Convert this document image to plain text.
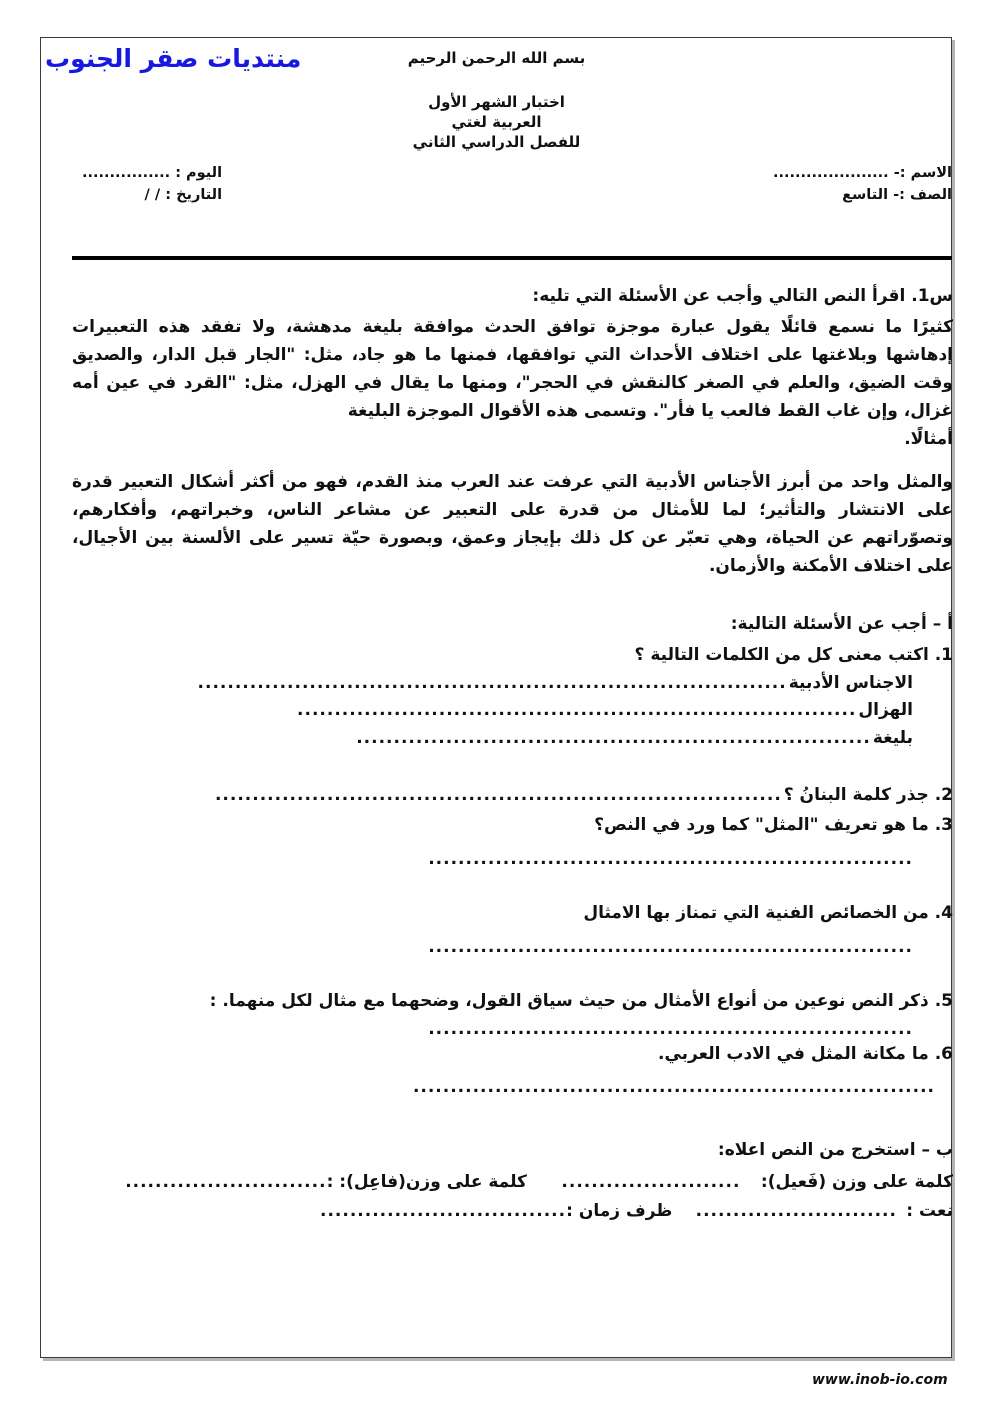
منتديات صقر الجنوب	بسم الله الرحمن الرحيم
اختبار الشهر الأول
العربية لغتي
للفصل الدراسي الثاني
الاسم :- .....................
الصف :- التاسع
اليوم : ................
التاريخ : / /
س1. اقرأ النص التالي وأجب عن الأسئلة التي تليه:
كثيرًا ما نسمع قائلًا يقول عبارة موجزة توافق الحدث موافقة بليغة مدهشة، ولا تفقد هذه التعبيرات إدهاشها وبلاغتها على اختلاف الأحداث التي توافقها، فمنها ما هو جاد، مثل: "الجار قبل الدار، والصديق وقت الضيق، والعلم في الصغر كالنقش في الحجر"، ومنها ما يقال في الهزل، مثل: "القرد في عين أمه غزال، وإن غاب القط فالعب يا فأر". وتسمى هذه الأقوال الموجزة البليغة
أمثالًا.
والمثل واحد من أبرز الأجناس الأدبية التي عرفت عند العرب منذ القدم، فهو من أكثر أشكال التعبير قدرة على الانتشار والتأثير؛ لما للأمثال من قدرة على التعبير عن مشاعر الناس، وخبراتهم، وأفكارهم، وتصوّراتهم عن الحياة، وهي تعبّر عن كل ذلك بإيجاز وعمق، وبصورة حيّة تسير على الألسنة بين الأجيال، على اختلاف الأمكنة والأزمان.
أ – أجب عن الأسئلة التالية:
1. اكتب معنى كل من الكلمات التالية ؟
الاجناس الأدبية
...............................................................................
الهزال
...........................................................................
بليغة
.....................................................................
2. جذر كلمة البنانُ ؟
............................................................................
3. ما هو تعريف "المثل" كما ورد في النص؟
.................................................................
4. من الخصائص الفنية التي تمناز بها الامثال
.................................................................
5. ذكر النص نوعين من أنواع الأمثال من حيث سياق القول، وضحهما مع مثال لكل منهما. :
.................................................................
6. ما مكانة المثل في الادب العربي.
......................................................................
ب – استخرج من النص اعلاه:
كلمة على وزن (فَعيل):
........................
كلمة على وزن(فاعِل): :
...........................
نعت :
...........................
ظرف زمان :
.................................
www.inob-io.com
